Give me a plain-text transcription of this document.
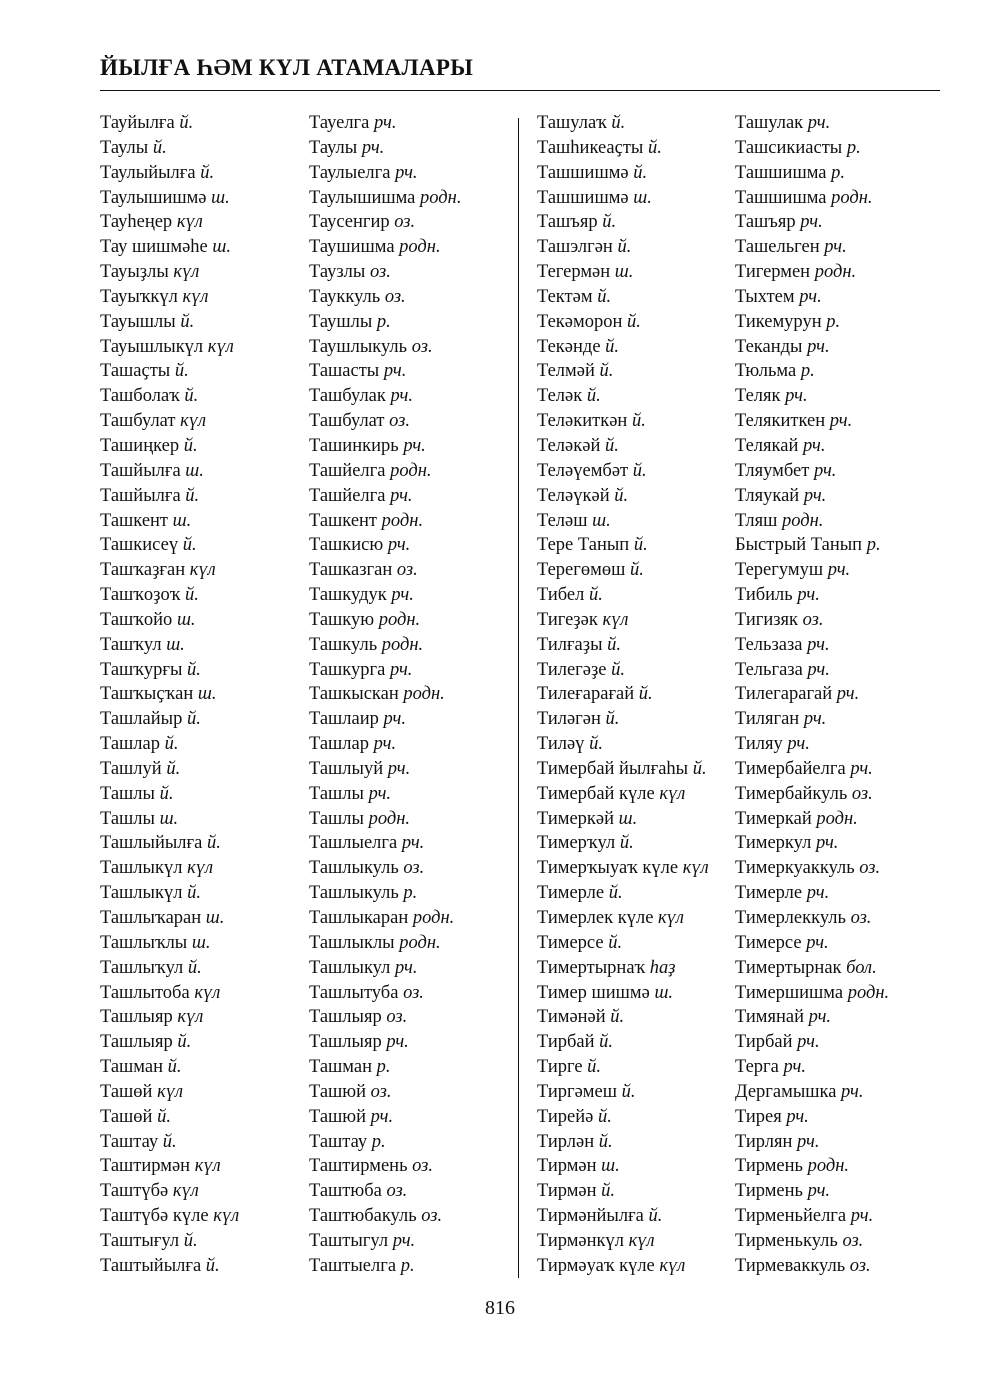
ЙЫЛҒА ҺӘМ КҮЛ АТАМАЛАРЫ
Тауйылға й.
Таулы й.
Таулыйылға й.
Таулышишмә ш.
Тауһеңер күл
Тау шишмәһе ш.
Тауыҙлы күл
Тауыҡкүл күл
Тауышлы й.
Тауышлыкүл күл
Ташаҫты й.
Ташболаҡ й.
Ташбулат күл
Ташиңкер й.
Ташйылға ш.
Ташйылға й.
Ташкент ш.
Ташкисеү й.
Ташҡаҙған күл
Ташҡоҙоҡ й.
Ташҡойо ш.
Ташҡул ш.
Ташҡурғы й.
Ташҡыҫҡан ш.
Ташлайыр й.
Ташлар й.
Ташлуй й.
Ташлы й.
Ташлы ш.
Ташлыйылға й.
Ташлыкүл күл
Ташлыкүл й.
Ташлыҡаран ш.
Ташлыҡлы ш.
Ташлыҡул й.
Ташлытоба күл
Ташлыяр күл
Ташлыяр й.
Ташман й.
Ташөй күл
Ташөй й.
Таштау й.
Таштирмән күл
Таштүбә күл
Таштүбә күле күл
Таштығул й.
Таштыйылға й.
Тауелга рч.
Таулы рч.
Таулыелга рч.
Таулышишма родн.
Таусенгир оз.
Таушишма родн.
Таузлы оз.
Тауккуль оз.
Таушлы р.
Таушлыкуль оз.
Ташасты рч.
Ташбулак рч.
Ташбулат оз.
Ташинкирь рч.
Ташйелга родн.
Ташйелга рч.
Ташкент родн.
Ташкисю рч.
Ташказган оз.
Ташкудук рч.
Ташкую родн.
Ташкуль родн.
Ташкурга рч.
Ташкыскан родн.
Ташлаир рч.
Ташлар рч.
Ташлыуй рч.
Ташлы рч.
Ташлы родн.
Ташлыелга рч.
Ташлыкуль оз.
Ташлыкуль р.
Ташлыкаран родн.
Ташлыклы родн.
Ташлыкул рч.
Ташлытуба оз.
Ташлыяр оз.
Ташлыяр рч.
Ташман р.
Ташюй оз.
Ташюй рч.
Таштау р.
Таштирмень оз.
Таштюба оз.
Таштюбакуль оз.
Таштыгул рч.
Таштыелга р.
Ташулаҡ й.
Ташһикеаҫты й.
Ташшишмә й.
Ташшишмә ш.
Ташъяр й.
Ташэлгән й.
Тегермән ш.
Тектәм й.
Текәморон й.
Текәнде й.
Телмәй й.
Теләк й.
Теләкиткән й.
Теләкәй й.
Теләүембәт й.
Теләүкәй й.
Теләш ш.
Тере Танып й.
Терегөмөш й.
Тибел й.
Тигеҙәк күл
Тилғаҙы й.
Тилегәҙе й.
Тилеғарағай й.
Тиләгән й.
Тиләү й.
Тимербай йылғаһы й.
Тимербай күле күл
Тимеркәй ш.
Тимерҡул й.
Тимерҡыуаҡ күле күл
Тимерле й.
Тимерлек күле күл
Тимерсе й.
Тимертырнаҡ һаҙ
Тимер шишмә ш.
Тимәнәй й.
Тирбай й.
Тирге й.
Тиргәмеш й.
Тирейә й.
Тирлән й.
Тирмән ш.
Тирмән й.
Тирмәнйылға й.
Тирмәнкүл күл
Тирмәуаҡ күле күл
Ташулак рч.
Ташсикиасты р.
Ташшишма р.
Ташшишма родн.
Ташъяр рч.
Ташельген рч.
Тигермен родн.
Тыхтем рч.
Тикемурун р.
Теканды рч.
Тюльма р.
Теляк рч.
Телякиткен рч.
Телякай рч.
Тляумбет рч.
Тляукай рч.
Тляш родн.
Быстрый Танып р.
Терегумуш рч.
Тибиль рч.
Тигизяк оз.
Тельзаза рч.
Тельгаза рч.
Тилегарагай рч.
Тиляган рч.
Тиляу рч.
Тимербайелга рч.
Тимербайкуль оз.
Тимеркай родн.
Тимеркул рч.
Тимеркуаккуль оз.
Тимерле рч.
Тимерлеккуль оз.
Тимерсе рч.
Тимертырнак бол.
Тимершишма родн.
Тимянай рч.
Тирбай рч.
Терга рч.
Дергамышка рч.
Тирея рч.
Тирлян рч.
Тирмень родн.
Тирмень рч.
Тирменьйелга рч.
Тирменькуль оз.
Тирмеваккуль оз.
816
